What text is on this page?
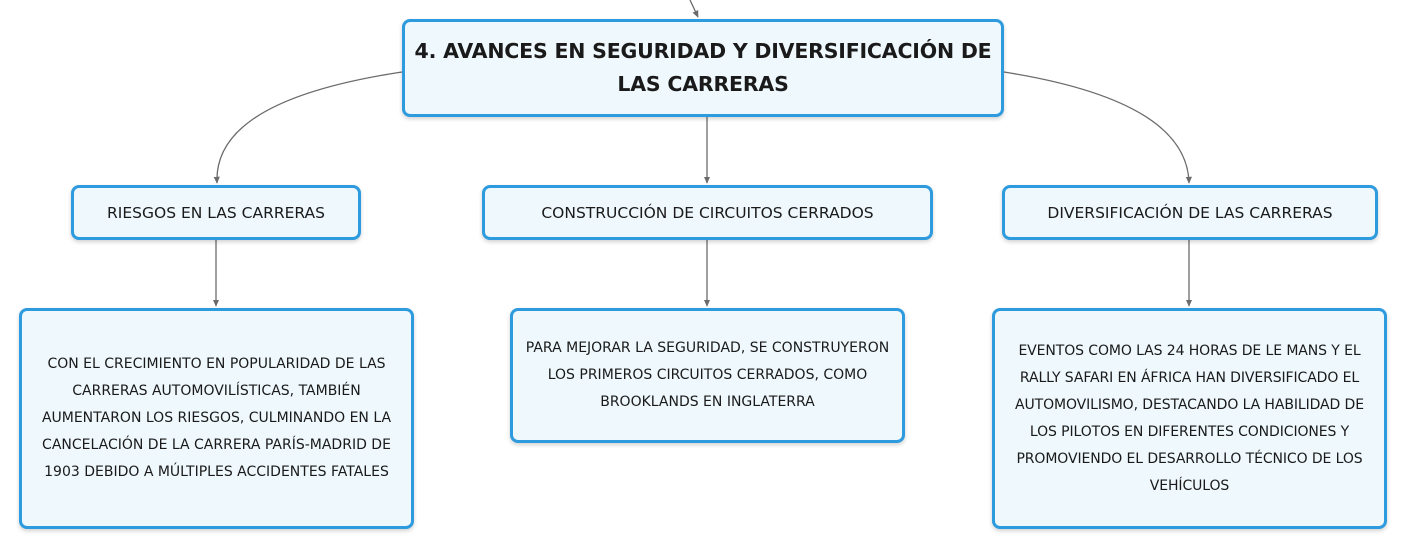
4. AVANCES EN SEGURIDAD Y DIVERSIFICACIÓN DE LAS CARRERAS
RIESGOS EN LAS CARRERAS	CONSTRUCCIÓN DE CIRCUITOS CERRADOS	DIVERSIFICACIÓN DE LAS CARRERAS
CON EL CRECIMIENTO EN POPULARIDAD DE LAS CARRERAS AUTOMOVILÍSTICAS, TAMBIÉN AUMENTARON LOS RIESGOS, CULMINANDO EN LA CANCELACIÓN DE LA CARRERA PARÍS-MADRID DE 1903 DEBIDO A MÚLTIPLES ACCIDENTES FATALES
PARA MEJORAR LA SEGURIDAD, SE CONSTRUYERON LOS PRIMEROS CIRCUITOS CERRADOS, COMO BROOKLANDS EN INGLATERRA
EVENTOS COMO LAS 24 HORAS DE LE MANS Y EL RALLY SAFARI EN ÁFRICA HAN DIVERSIFICADO EL AUTOMOVILISMO, DESTACANDO LA HABILIDAD DE LOS PILOTOS EN DIFERENTES CONDICIONES Y PROMOVIENDO EL DESARROLLO TÉCNICO DE LOS VEHÍCULOS
